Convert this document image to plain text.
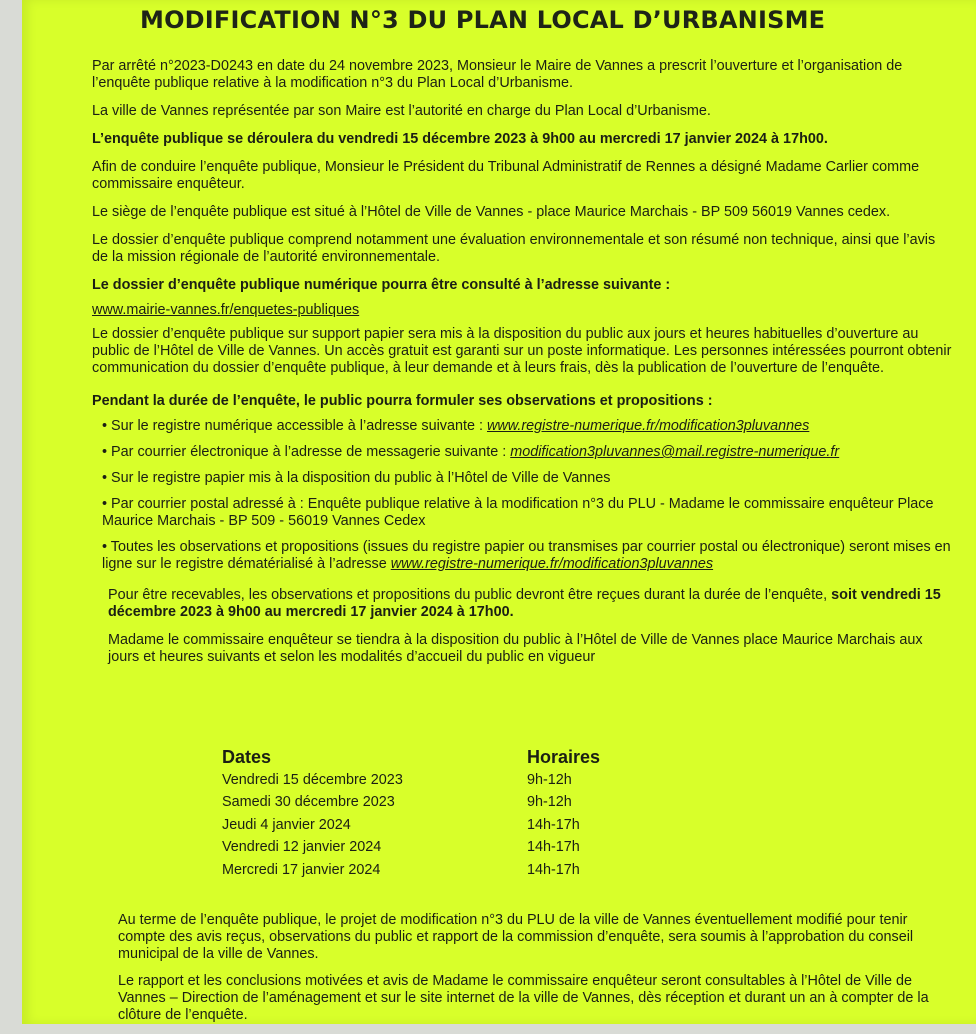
MODIFICATION N°3 DU PLAN LOCAL D’URBANISME

Par arrêté n°2023-D0243 en date du 24 novembre 2023, Monsieur le Maire de Vannes a prescrit l’ouverture et l’organisation de l’enquête publique relative à la modification n°3 du Plan Local d’Urbanisme.

La ville de Vannes représentée par son Maire est l’autorité en charge du Plan Local d’Urbanisme.

L’enquête publique se déroulera du vendredi 15 décembre 2023 à 9h00 au mercredi 17 janvier 2024 à 17h00.

Afin de conduire l’enquête publique, Monsieur le Président du Tribunal Administratif de Rennes a désigné Madame Carlier comme commissaire enquêteur.

Le siège de l’enquête publique est situé à l’Hôtel de Ville de Vannes - place Maurice Marchais - BP 509 56019 Vannes cedex.

Le dossier d’enquête publique comprend notamment une évaluation environnementale et son résumé non technique, ainsi que l’avis de la mission régionale de l’autorité environnementale.

Le dossier d’enquête publique numérique pourra être consulté à l’adresse suivante :

www.mairie-vannes.fr/enquetes-publiques

Le dossier d’enquête publique sur support papier sera mis à la disposition du public aux jours et heures habituelles d’ouverture au public de l’Hôtel de Ville de Vannes. Un accès gratuit est garanti sur un poste informatique. Les personnes intéressées pourront obtenir communication du dossier d’enquête publique, à leur demande et à leurs frais, dès la publication de l’ouverture de l’enquête.

Pendant la durée de l’enquête, le public pourra formuler ses observations et propositions :

• Sur le registre numérique accessible à l’adresse suivante : www.registre-numerique.fr/modification3pluvannes
• Par courrier électronique à l’adresse de messagerie suivante : modification3pluvannes@mail.registre-numerique.fr
• Sur le registre papier mis à la disposition du public à l’Hôtel de Ville de Vannes
• Par courrier postal adressé à : Enquête publique relative à la modification n°3 du PLU - Madame le commissaire enquêteur Place Maurice Marchais - BP 509 - 56019 Vannes Cedex
• Toutes les observations et propositions (issues du registre papier ou transmises par courrier postal ou électronique) seront mises en ligne sur le registre dématérialisé à l’adresse www.registre-numerique.fr/modification3pluvannes

Pour être recevables, les observations et propositions du public devront être reçues durant la durée de l’enquête, soit vendredi 15 décembre 2023 à 9h00 au mercredi 17 janvier 2024 à 17h00.

Madame le commissaire enquêteur se tiendra à la disposition du public à l’Hôtel de Ville de Vannes place Maurice Marchais aux jours et heures suivants et selon les modalités d’accueil du public en vigueur

Dates	Horaires
Vendredi 15 décembre 2023	9h-12h
Samedi 30 décembre 2023	9h-12h
Jeudi 4 janvier 2024	14h-17h
Vendredi 12 janvier 2024	14h-17h
Mercredi 17 janvier 2024	14h-17h

Au terme de l’enquête publique, le projet de modification n°3 du PLU de la ville de Vannes éventuellement modifié pour tenir compte des avis reçus, observations du public et rapport de la commission d’enquête, sera soumis à l’approbation du conseil municipal de la ville de Vannes.

Le rapport et les conclusions motivées et avis de Madame le commissaire enquêteur seront consultables à l’Hôtel de Ville de Vannes – Direction de l’aménagement et sur le site internet de la ville de Vannes, dès réception et durant un an à compter de la clôture de l’enquête.
